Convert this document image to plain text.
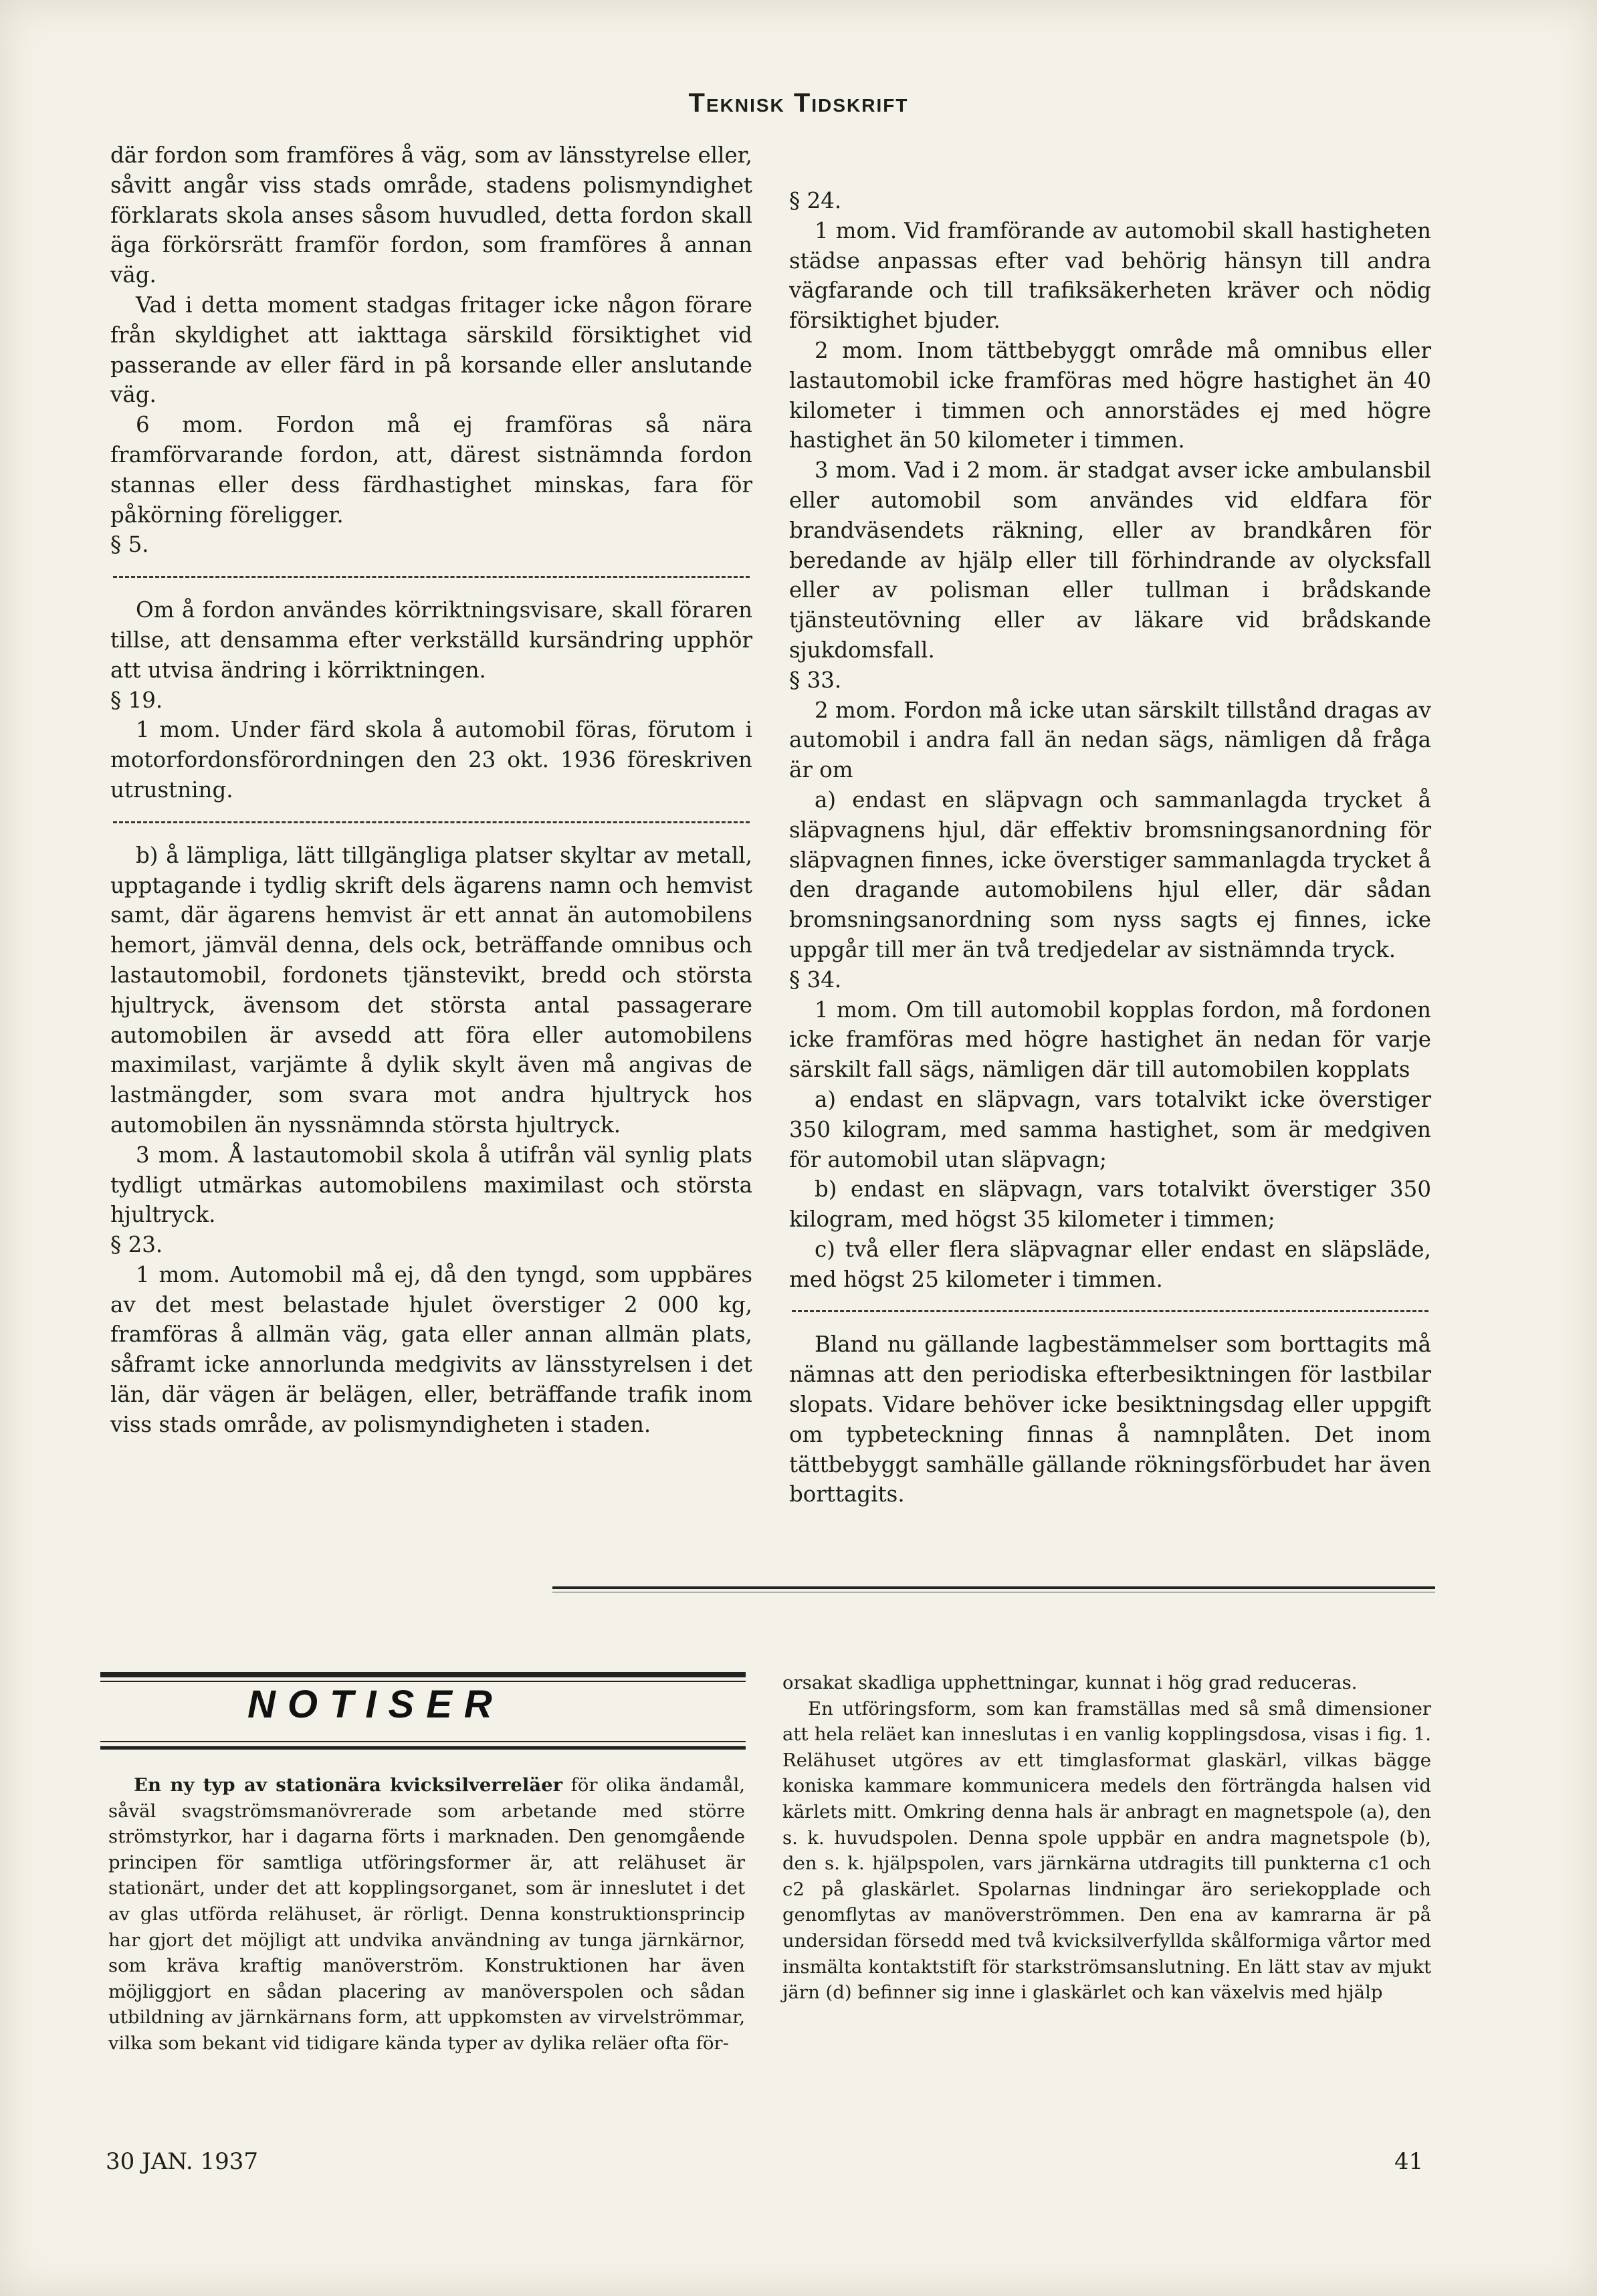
Teknisk Tidskrift

där fordon som framföres å väg, som av länsstyrelse eller, såvitt angår viss stads område, stadens polismyndighet förklarats skola anses såsom huvudled, detta fordon skall äga förkörsrätt framför fordon, som framföres å annan väg.

Vad i detta moment stadgas fritager icke någon förare från skyldighet att iakttaga särskild försiktighet vid passerande av eller färd in på korsande eller anslutande väg.

6 mom. Fordon må ej framföras så nära framförvarande fordon, att, därest sistnämnda fordon stannas eller dess färdhastighet minskas, fara för påkörning föreligger.

§ 5.

Om å fordon användes körriktningsvisare, skall föraren tillse, att densamma efter verkställd kursändring upphör att utvisa ändring i körriktningen.

§ 19.

1 mom. Under färd skola å automobil föras, förutom i motorfordonsförordningen den 23 okt. 1936 föreskriven utrustning.

b) å lämpliga, lätt tillgängliga platser skyltar av metall, upptagande i tydlig skrift dels ägarens namn och hemvist samt, där ägarens hemvist är ett annat än automobilens hemort, jämväl denna, dels ock, beträffande omnibus och lastautomobil, fordonets tjänstevikt, bredd och största hjultryck, ävensom det största antal passagerare automobilen är avsedd att föra eller automobilens maximilast, varjämte å dylik skylt även må angivas de lastmängder, som svara mot andra hjultryck hos automobilen än nyssnämnda största hjultryck.

3 mom. Å lastautomobil skola å utifrån väl synlig plats tydligt utmärkas automobilens maximilast och största hjultryck.

§ 23.

1 mom. Automobil må ej, då den tyngd, som uppbäres av det mest belastade hjulet överstiger 2 000 kg, framföras å allmän väg, gata eller annan allmän plats, såframt icke annorlunda medgivits av länsstyrelsen i det län, där vägen är belägen, eller, beträffande trafik inom viss stads område, av polismyndigheten i staden.

§ 24.

1 mom. Vid framförande av automobil skall hastigheten städse anpassas efter vad behörig hänsyn till andra vägfarande och till trafiksäkerheten kräver och nödig försiktighet bjuder.

2 mom. Inom tättbebyggt område må omnibus eller lastautomobil icke framföras med högre hastighet än 40 kilometer i timmen och annorstädes ej med högre hastighet än 50 kilometer i timmen.

3 mom. Vad i 2 mom. är stadgat avser icke ambulansbil eller automobil som användes vid eldfara för brandväsendets räkning, eller av brandkåren för beredande av hjälp eller till förhindrande av olycksfall eller av polisman eller tullman i brådskande tjänsteutövning eller av läkare vid brådskande sjukdomsfall.

§ 33.

2 mom. Fordon må icke utan särskilt tillstånd dragas av automobil i andra fall än nedan sägs, nämligen då fråga är om

a) endast en släpvagn och sammanlagda trycket å släpvagnens hjul, där effektiv bromsningsanordning för släpvagnen finnes, icke överstiger sammanlagda trycket å den dragande automobilens hjul eller, där sådan bromsningsanordning som nyss sagts ej finnes, icke uppgår till mer än två tredjedelar av sistnämnda tryck.

§ 34.

1 mom. Om till automobil kopplas fordon, må fordonen icke framföras med högre hastighet än nedan för varje särskilt fall sägs, nämligen där till automobilen kopplats

a) endast en släpvagn, vars totalvikt icke överstiger 350 kilogram, med samma hastighet, som är medgiven för automobil utan släpvagn;

b) endast en släpvagn, vars totalvikt överstiger 350 kilogram, med högst 35 kilometer i timmen;

c) två eller flera släpvagnar eller endast en släpsläde, med högst 25 kilometer i timmen.

Bland nu gällande lagbestämmelser som borttagits må nämnas att den periodiska efterbesiktningen för lastbilar slopats. Vidare behöver icke besiktningsdag eller uppgift om typbeteckning finnas å namnplåten. Det inom tättbebyggt samhälle gällande rökningsförbudet har även borttagits.

NOTISER

En ny typ av stationära kvicksilverreläer för olika ändamål, såväl svagströmsmanövrerade som arbetande med större strömstyrkor, har i dagarna förts i marknaden. Den genomgående principen för samtliga utföringsformer är, att relähuset är stationärt, under det att kopplingsorganet, som är inneslutet i det av glas utförda relähuset, är rörligt. Denna konstruktionsprincip har gjort det möjligt att undvika användning av tunga järnkärnor, som kräva kraftig manöverström. Konstruktionen har även möjliggjort en sådan placering av manöverspolen och sådan utbildning av järnkärnans form, att uppkomsten av virvelströmmar, vilka som bekant vid tidigare kända typer av dylika reläer ofta för-

orsakat skadliga upphettningar, kunnat i hög grad reduceras.

En utföringsform, som kan framställas med så små dimensioner att hela reläet kan inneslutas i en vanlig kopplingsdosa, visas i fig. 1. Relähuset utgöres av ett timglasformat glaskärl, vilkas bägge koniska kammare kommunicera medels den förträngda halsen vid kärlets mitt. Omkring denna hals är anbragt en magnetspole (a), den s. k. huvudspolen. Denna spole uppbär en andra magnetspole (b), den s. k. hjälpspolen, vars järnkärna utdragits till punkterna c1 och c2 på glaskärlet. Spolarnas lindningar äro seriekopplade och genomflytas av manöverströmmen. Den ena av kamrarna är på undersidan försedd med två kvicksilverfyllda skålformiga vårtor med insmälta kontaktstift för starkströmsanslutning. En lätt stav av mjukt järn (d) befinner sig inne i glaskärlet och kan växelvis med hjälp

30 JAN. 1937	41
